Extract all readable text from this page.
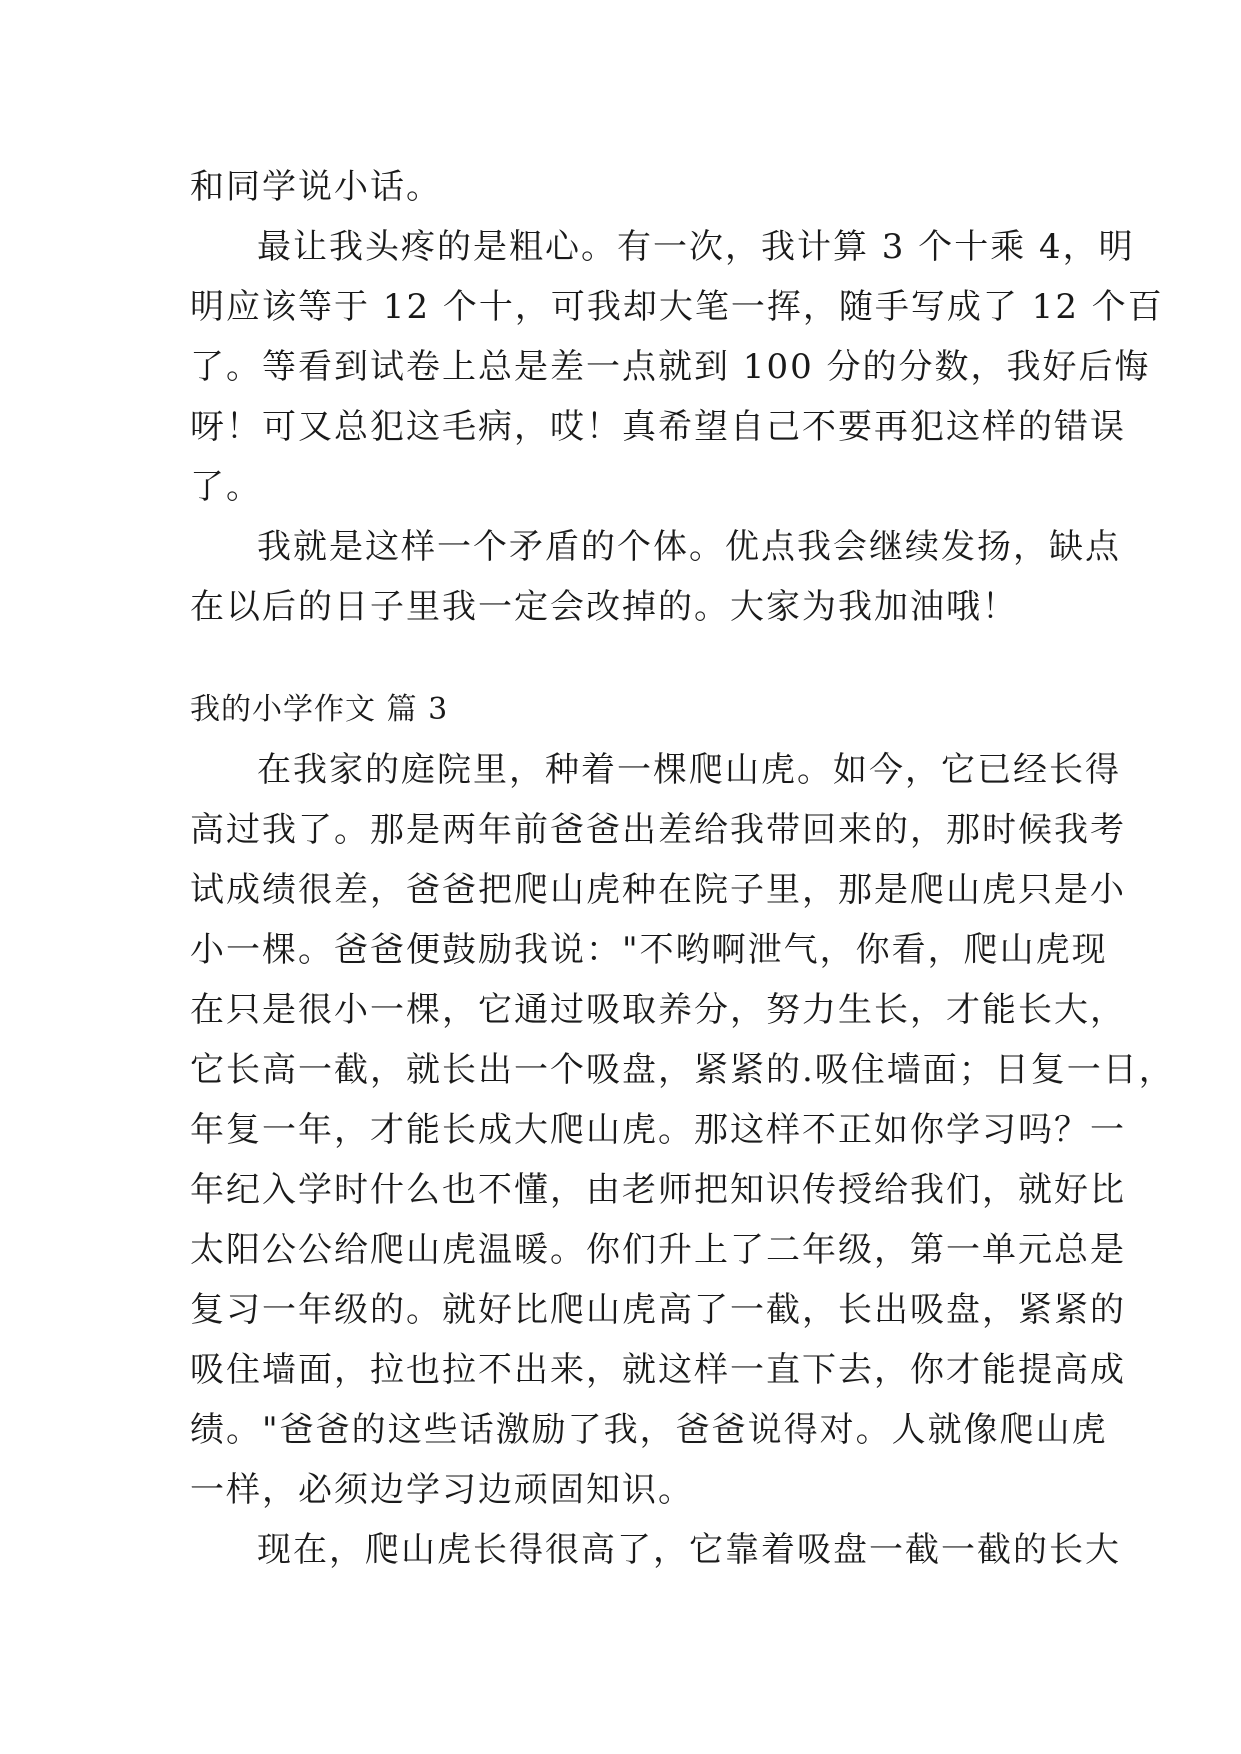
和同学说小话。
最让我头疼的是粗心。有一次，我计算 3 个十乘 4，明
明应该等于 12 个十，可我却大笔一挥，随手写成了 12 个百
了。等看到试卷上总是差一点就到 100 分的分数，我好后悔
呀！可又总犯这毛病，哎！真希望自己不要再犯这样的错误
了。
我就是这样一个矛盾的个体。优点我会继续发扬，缺点
在以后的日子里我一定会改掉的。大家为我加油哦！
我的小学作文 篇 3
在我家的庭院里，种着一棵爬山虎。如今，它已经长得
高过我了。那是两年前爸爸出差给我带回来的，那时候我考
试成绩很差，爸爸把爬山虎种在院子里，那是爬山虎只是小
小一棵。爸爸便鼓励我说："不哟啊泄气，你看，爬山虎现
在只是很小一棵，它通过吸取养分，努力生长，才能长大，
它长高一截，就长出一个吸盘，紧紧的.吸住墙面；日复一日，
年复一年，才能长成大爬山虎。那这样不正如你学习吗？一
年纪入学时什么也不懂，由老师把知识传授给我们，就好比
太阳公公给爬山虎温暖。你们升上了二年级，第一单元总是
复习一年级的。就好比爬山虎高了一截，长出吸盘，紧紧的
吸住墙面，拉也拉不出来，就这样一直下去，你才能提高成
绩。"爸爸的这些话激励了我，爸爸说得对。人就像爬山虎
一样，必须边学习边顽固知识。
现在，爬山虎长得很高了，它靠着吸盘一截一截的长大
